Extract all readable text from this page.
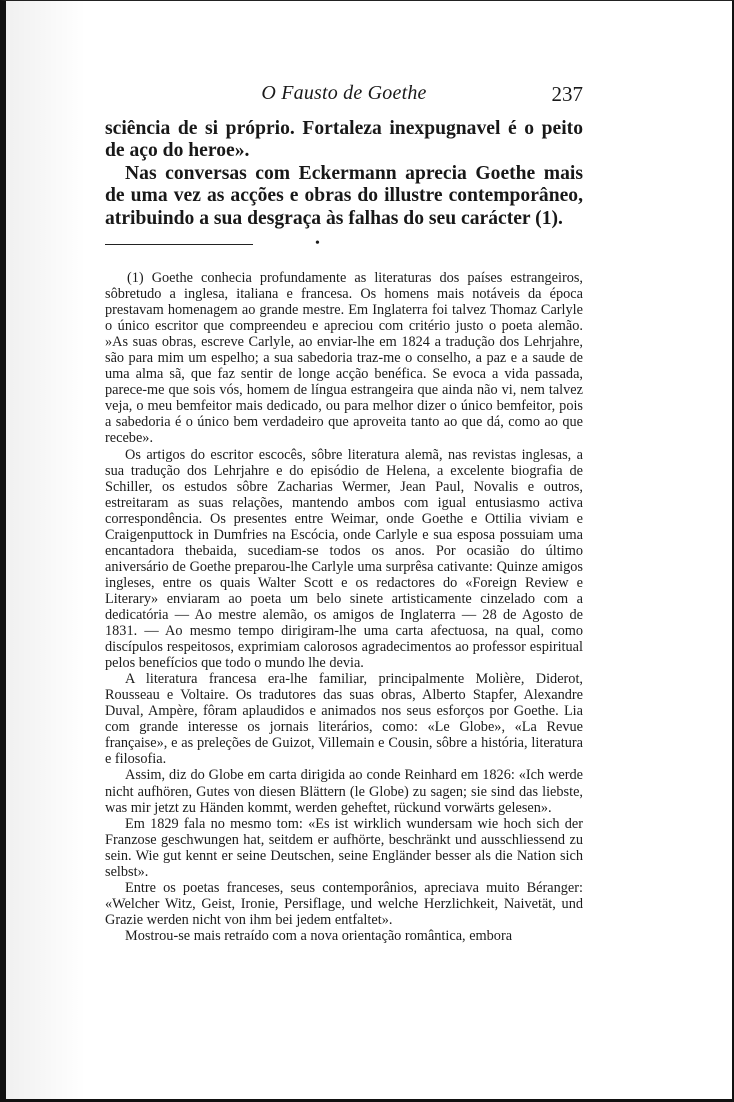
O Fausto de Goethe	237

sciência de si próprio. Fortaleza inexpugnavel é o peito de aço do heroe».

Nas conversas com Eckermann aprecia Goethe mais de uma vez as acções e obras do illustre contemporâneo, atribuindo a sua desgraça às falhas do seu carácter (1).

•

(1) Goethe conhecia profundamente as literaturas dos países estrangeiros, sôbretudo a inglesa, italiana e francesa. Os homens mais notáveis da época prestavam homenagem ao grande mestre. Em Inglaterra foi talvez Thomaz Carlyle o único escritor que compreendeu e apreciou com critério justo o poeta alemão. »As suas obras, escreve Carlyle, ao enviar-lhe em 1824 a tradução dos Lehrjahre, são para mim um espelho; a sua sabedoria traz-me o conselho, a paz e a saude de uma alma sã, que faz sentir de longe acção benéfica. Se evoca a vida passada, parece-me que sois vós, homem de língua estrangeira que ainda não vi, nem talvez veja, o meu bemfeitor mais dedicado, ou para melhor dizer o único bemfeitor, pois a sabedoria é o único bem verdadeiro que aproveita tanto ao que dá, como ao que recebe».

Os artigos do escritor escocês, sôbre literatura alemã, nas revistas inglesas, a sua tradução dos Lehrjahre e do episódio de Helena, a excelente biografia de Schiller, os estudos sôbre Zacharias Wermer, Jean Paul, Novalis e outros, estreitaram as suas relações, mantendo ambos com igual entusiasmo activa correspondência. Os presentes entre Weimar, onde Goethe e Ottilia viviam e Craigenputtock in Dumfries na Escócia, onde Carlyle e sua esposa possuiam uma encantadora thebaida, sucediam-se todos os anos. Por ocasião do último aniversário de Goethe preparou-lhe Carlyle uma surprêsa cativante: Quinze amigos ingleses, entre os quais Walter Scott e os redactores do «Foreign Review e Literary» enviaram ao poeta um belo sinete artisticamente cinzelado com a dedicatória — Ao mestre alemão, os amigos de Inglaterra — 28 de Agosto de 1831. — Ao mesmo tempo dirigiram-lhe uma carta afectuosa, na qual, como discípulos respeitosos, exprimiam calorosos agradecimentos ao professor espiritual pelos benefícios que todo o mundo lhe devia.

A literatura francesa era-lhe familiar, principalmente Molière, Diderot, Rousseau e Voltaire. Os tradutores das suas obras, Alberto Stapfer, Alexandre Duval, Ampère, fôram aplaudidos e animados nos seus esforços por Goethe. Lia com grande interesse os jornais literários, como: «Le Globe», «La Revue française», e as preleções de Guizot, Villemain e Cousin, sôbre a história, literatura e filosofia.

Assim, diz do Globe em carta dirigida ao conde Reinhard em 1826: «Ich werde nicht aufhören, Gutes von diesen Blättern (le Globe) zu sagen; sie sind das liebste, was mir jetzt zu Händen kommt, werden geheftet, rückund vorwärts gelesen».

Em 1829 fala no mesmo tom: «Es ist wirklich wundersam wie hoch sich der Franzose geschwungen hat, seitdem er aufhörte, beschränkt und ausschliessend zu sein. Wie gut kennt er seine Deutschen, seine Engländer besser als die Nation sich selbst».

Entre os poetas franceses, seus contemporânios, apreciava muito Béranger: «Welcher Witz, Geist, Ironie, Persiflage, und welche Herzlichkeit, Naivetät, und Grazie werden nicht von ihm bei jedem entfaltet».

Mostrou-se mais retraído com a nova orientação romântica, embora
